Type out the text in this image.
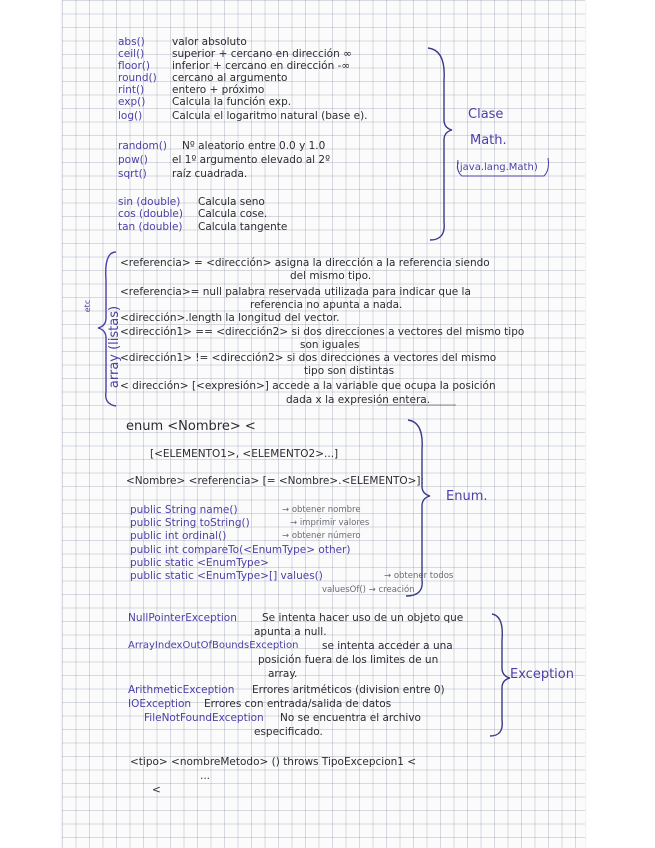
abs()	valor absoluto
ceil()	superior + cercano en dirección ∞
floor() inferior + cercano en dirección -∞
round() cercano al argumento
rint()	entero + próximo
exp()	Calcula la función exp.
log()	Calcula el logaritmo natural (base e).
random() Nº aleatorio entre 0.0 y 1.0
pow() el 1º argumento elevado al 2º
sqrt() raíz cuadrada.
sin (double) Calcula seno
cos (double) Calcula cose.
tan (double) Calcula tangente
Clase
Math.
(java.lang.Math)
array (listas)
etc
<referencia> = <dirección> asigna la dirección a la referencia siendo
del mismo tipo.
<referencia>= null palabra reservada utilizada para indicar que la
referencia no apunta a nada.
<dirección>.length la longitud del vector.
<dirección1> == <dirección2> si dos direcciones a vectores del mismo tipo
son iguales
<dirección1> != <dirección2> si dos direcciones a vectores del mismo
tipo son distintas
< dirección> [<expresión>] accede a la variable que ocupa la posición
dada x la expresión entera.
enum <Nombre> <
[<ELEMENTO1>, <ELEMENTO2>...]
<Nombre> <referencia> [= <Nombre>.<ELEMENTO>];
Enum.
public String name()	→ obtener nombre
public String toString()	→ imprimir valores
public int ordinal()	→ obtener número
public int compareTo(<EnumType> other)
public static <EnumType>
public static <EnumType>[] values()	→ obtener todos
valuesOf() → creación
NullPointerException Se intenta hacer uso de un objeto que
apunta a null.
ArrayIndexOutOfBoundsException se intenta acceder a una
posición fuera de los limites de un
array.
ArithmeticException Errores aritméticos (division entre 0)
IOException Errores con entrada/salida de datos
FileNotFoundException No se encuentra el archivo
especificado.
Exception
<tipo> <nombreMetodo> () throws TipoExcepcion1 <
...
<
